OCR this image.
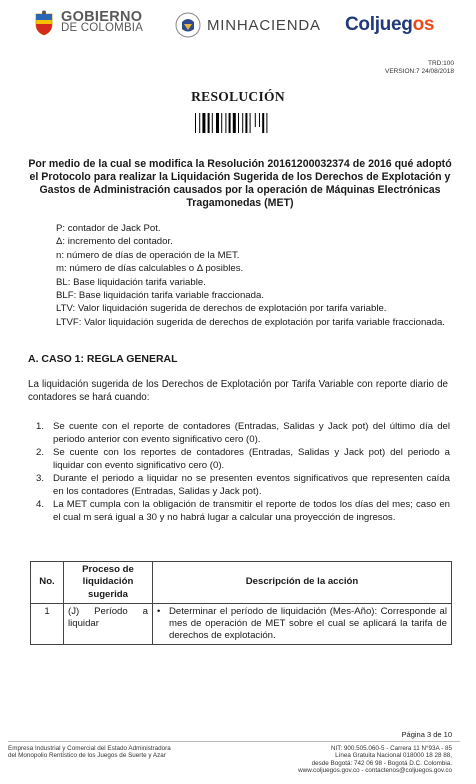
GOBIERNO
DE COLOMBIA	MINHACIENDA Coljuegos
TRD:100
VERSION:7 24/08/2018
RESOLUCIÓN
Por medio de la cual se modifica la Resolución 20161200032374 de 2016 qué adoptó el Protocolo para realizar la Liquidación Sugerida de los Derechos de Explotación y Gastos de Administración causados por la operación de Máquinas Electrónicas Tragamonedas (MET)
P: contador de Jack Pot.
Δ: incremento del contador.
n: número de días de operación de la MET.
m: número de días calculables o Δ posibles.
BL: Base liquidación tarifa variable.
BLF: Base liquidación tarifa variable fraccionada.
LTV: Valor liquidación sugerida de derechos de explotación por tarifa variable.
LTVF: Valor liquidación sugerida de derechos de explotación por tarifa variable fraccionada.
A. CASO 1: REGLA GENERAL
La liquidación sugerida de los Derechos de Explotación por Tarifa Variable con reporte diario de contadores se hará cuando:
1. Se cuente con el reporte de contadores (Entradas, Salidas y Jack pot) del último día del periodo anterior con evento significativo cero (0).
2. Se cuente con los reportes de contadores (Entradas, Salidas y Jack pot) del periodo a liquidar con evento significativo cero (0).
3. Durante el periodo a liquidar no se presenten eventos significativos que representen caída en los contadores (Entradas, Salidas y Jack pot).
4. La MET cumpla con la obligación de transmitir el reporte de todos los días del mes; caso en el cual m será igual a 30 y no habrá lugar a calcular una proyección de ingresos.
No.	Proceso de liquidación sugerida	Descripción de la acción
1	(J) Período a liquidar	• Determinar el período de liquidación (Mes-Año): Corresponde al mes de operación de MET sobre el cual se aplicará la tarifa de derechos de explotación.
Página 3 de 10
Empresa Industrial y Comercial del Estado Administradora
del Monopolio Rentístico de los Juegos de Suerte y Azar
NIT: 900.505.060-5 - Carrera 11 N°93A - 85
Línea Gratuita Nacional 018000 18 28 88,
desde Bogotá: 742 06 98 - Bogotá D.C. Colombia.
www.coljuegos.gov.co - contactenos@coljuegos.gov.co
